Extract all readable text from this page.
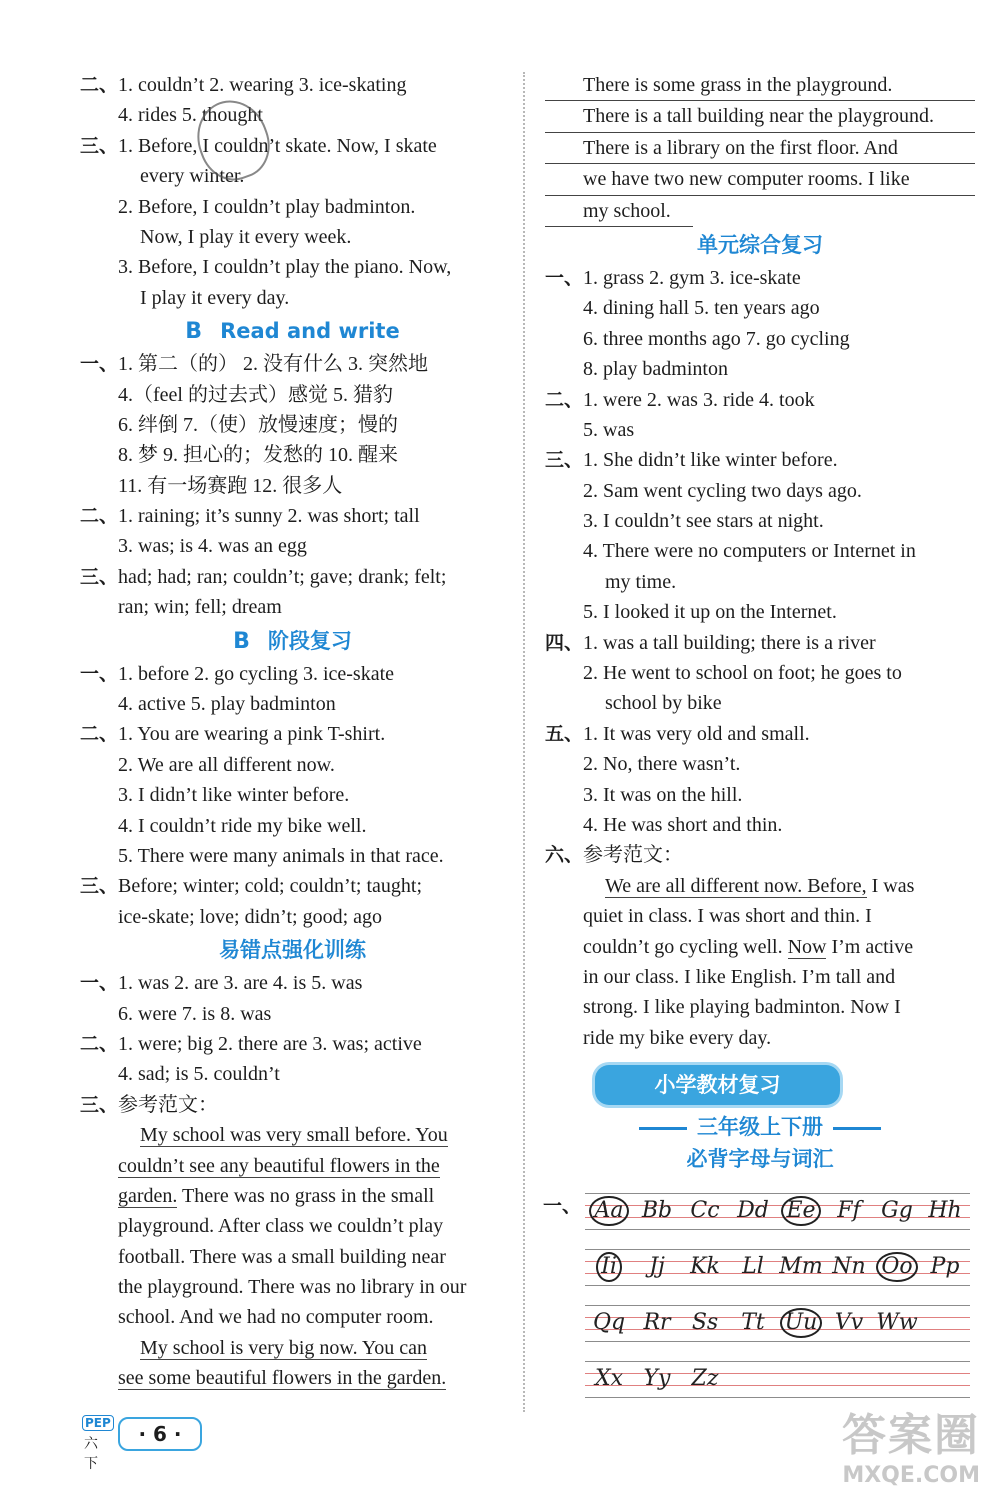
二、1. couldn’t 2. wearing 3. ice-skating
4. rides 5. thought
三、1. Before, I couldn’t skate. Now, I skate
every winter.
2. Before, I couldn’t play badminton.
Now, I play it every week.
3. Before, I couldn’t play the piano. Now,
I play it every day.
B Read and write
一、1. 第二（的） 2. 没有什么 3. 突然地
4.（feel 的过去式）感觉 5. 猎豹
6. 绊倒 7.（使）放慢速度；慢的
8. 梦 9. 担心的；发愁的 10. 醒来
11. 有一场赛跑 12. 很多人
二、1. raining; it’s sunny 2. was short; tall
3. was; is 4. was an egg
三、had; had; ran; couldn’t; gave; drank; felt;
ran; win; fell; dream
B 阶段复习
一、1. before 2. go cycling 3. ice-skate
4. active 5. play badminton
二、1. You are wearing a pink T-shirt.
2. We are all different now.
3. I didn’t like winter before.
4. I couldn’t ride my bike well.
5. There were many animals in that race.
三、Before; winter; cold; couldn’t; taught;
ice-skate; love; didn’t; good; ago
易错点强化训练
一、1. was 2. are 3. are 4. is 5. was
6. were 7. is 8. was
二、1. were; big 2. there are 3. was; active
4. sad; is 5. couldn’t
三、参考范文：
My school was very small before. You
couldn’t see any beautiful flowers in the
garden. There was no grass in the small
playground. After class we couldn’t play
football. There was a small building near
the playground. There was no library in our
school. And we had no computer room.
My school is very big now. You can
see some beautiful flowers in the garden.
There is some grass in the playground.
There is a tall building near the playground.
There is a library on the first floor. And
we have two new computer rooms. I like
my school.
单元综合复习
一、1. grass 2. gym 3. ice-skate
4. dining hall 5. ten years ago
6. three months ago 7. go cycling
8. play badminton
二、1. were 2. was 3. ride 4. took
5. was
三、1. She didn’t like winter before.
2. Sam went cycling two days ago.
3. I couldn’t see stars at night.
4. There were no computers or Internet in
my time.
5. I looked it up on the Internet.
四、1. was a tall building; there is a river
2. He went to school on foot; he goes to
school by bike
五、1. It was very old and small.
2. No, there wasn’t.
3. It was on the hill.
4. He was short and thin.
六、参考范文：
We are all different now. Before, I was
quiet in class. I was short and thin. I
couldn’t go cycling well. Now I’m active
in our class. I like English. I’m tall and
strong. I like playing badminton. Now I
ride my bike every day.
小学教材复习
三年级上下册
必背字母与词汇
一、 Aa Bb Cc Dd Ee Ff Gg Hh
Ii Jj Kk Ll Mm Nn Oo Pp
Qq Rr Ss Tt Uu Vv Ww
Xx Yy Zz
PEP
六下
· 6 ·	答案圈
MXQE.COM
